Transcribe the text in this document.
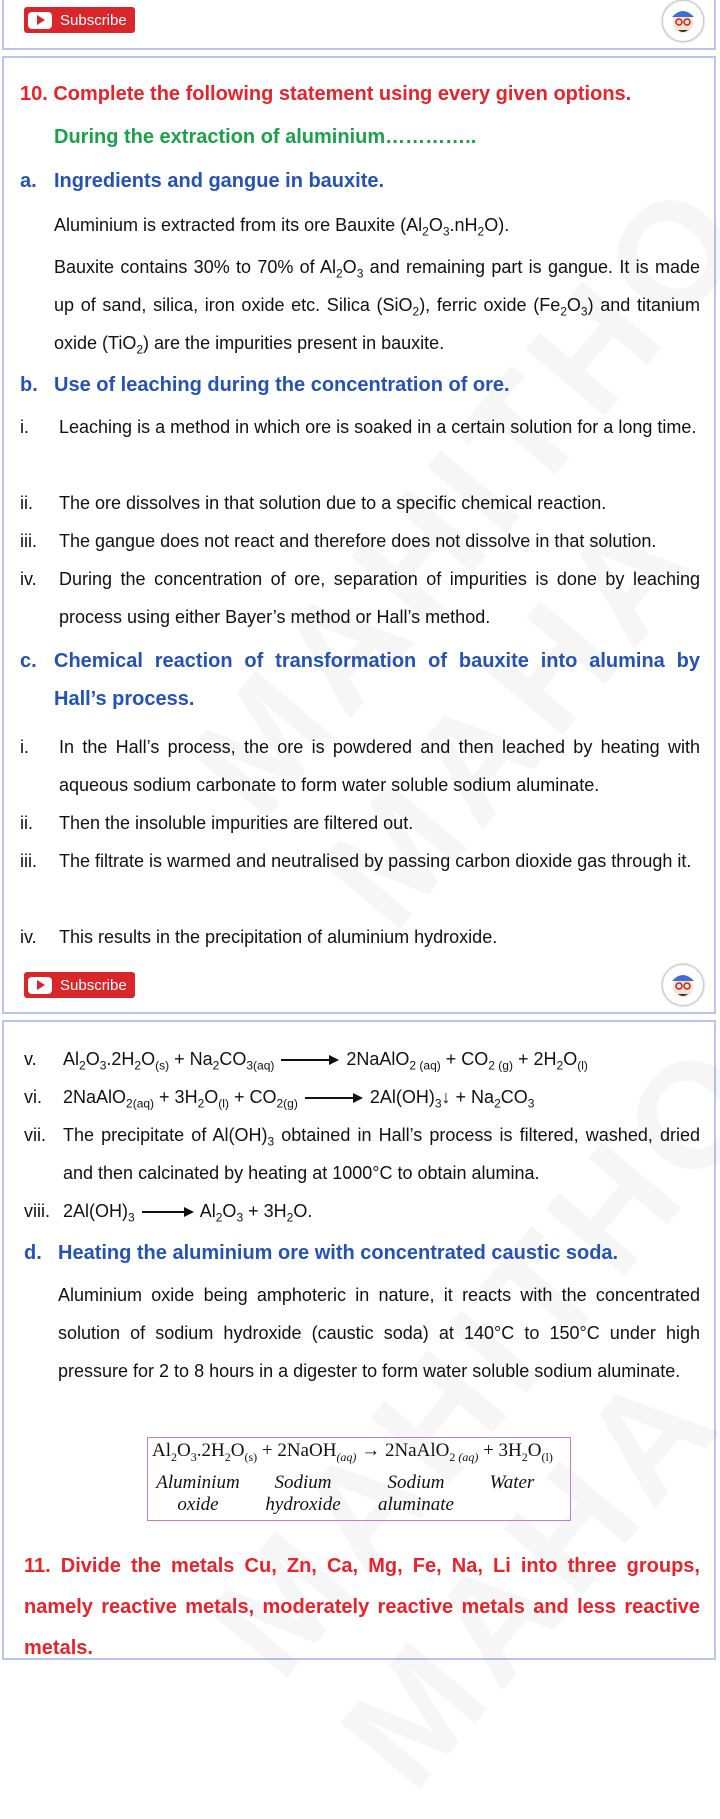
Subscribe
10. Complete the following statement using every given options.
During the extraction of aluminium…………..
a. Ingredients and gangue in bauxite.
Aluminium is extracted from its ore Bauxite $(Al_2O_3.nH_2O)$.
Bauxite contains 30% to 70% of $Al_2O_3$ and remaining part is gangue. It is made up of sand, silica, iron oxide etc. Silica (SiO$_2$), ferric oxide $(Fe_2O_3)$ and titanium oxide (TiO$_2$) are the impurities present in bauxite.
b. Use of leaching during the concentration of ore.
i. Leaching is a method in which ore is soaked in a certain solution for a long time.
ii. The ore dissolves in that solution due to a specific chemical reaction.
iii. The gangue does not react and therefore does not dissolve in that solution.
iv. During the concentration of ore, separation of impurities is done by leaching process using either Bayer’s method or Hall’s method.
c. Chemical reaction of transformation of bauxite into alumina by Hall’s process.
i. In the Hall’s process, the ore is powdered and then leached by heating with aqueous sodium carbonate to form water soluble sodium aluminate.
ii. Then the insoluble impurities are filtered out.
iii. The filtrate is warmed and neutralised by passing carbon dioxide gas through it.
iv. This results in the precipitation of aluminium hydroxide.
Subscribe
v. $Al_2O_3.2H_2O_{(s)} + Na_2CO_{3(aq)}$ → 2NaAlO$_{2 (aq)}$ + $CO_{2 (g)} + 2H_2O_{(l)}$
vi. 2NaAlO$_{2(aq)}$ + $3H_2O_{(l)} + CO_{2(g)}$ → $2Al(OH)_3↓ + Na_2CO_3$
vii. The precipitate of $Al(OH)_3$ obtained in Hall’s process is filtered, washed, dried and then calcinated by heating at 1000°C to obtain alumina.
viii. $2Al(OH)_3 \to Al_2O_3 + 3H_2O$.
d. Heating the aluminium ore with concentrated caustic soda.
Aluminium oxide being amphoteric in nature, it reacts with the concentrated solution of sodium hydroxide (caustic soda) at 140°C to 150°C under high pressure for 2 to 8 hours in a digester to form water soluble sodium aluminate.
$Al_2O_3.2H_2O_{(s)}$ + 2NaOH$_{(aq)}$ → 2NaAlO$_{2 (aq)}$ + $3H_2O_{(l)}$
Aluminium oxide
Sodium hydroxide
Sodium aluminate
Water
11. Divide the metals Cu, Zn, Ca, Mg, Fe, Na, Li into three groups, namely reactive metals, moderately reactive metals and less reactive metals.
